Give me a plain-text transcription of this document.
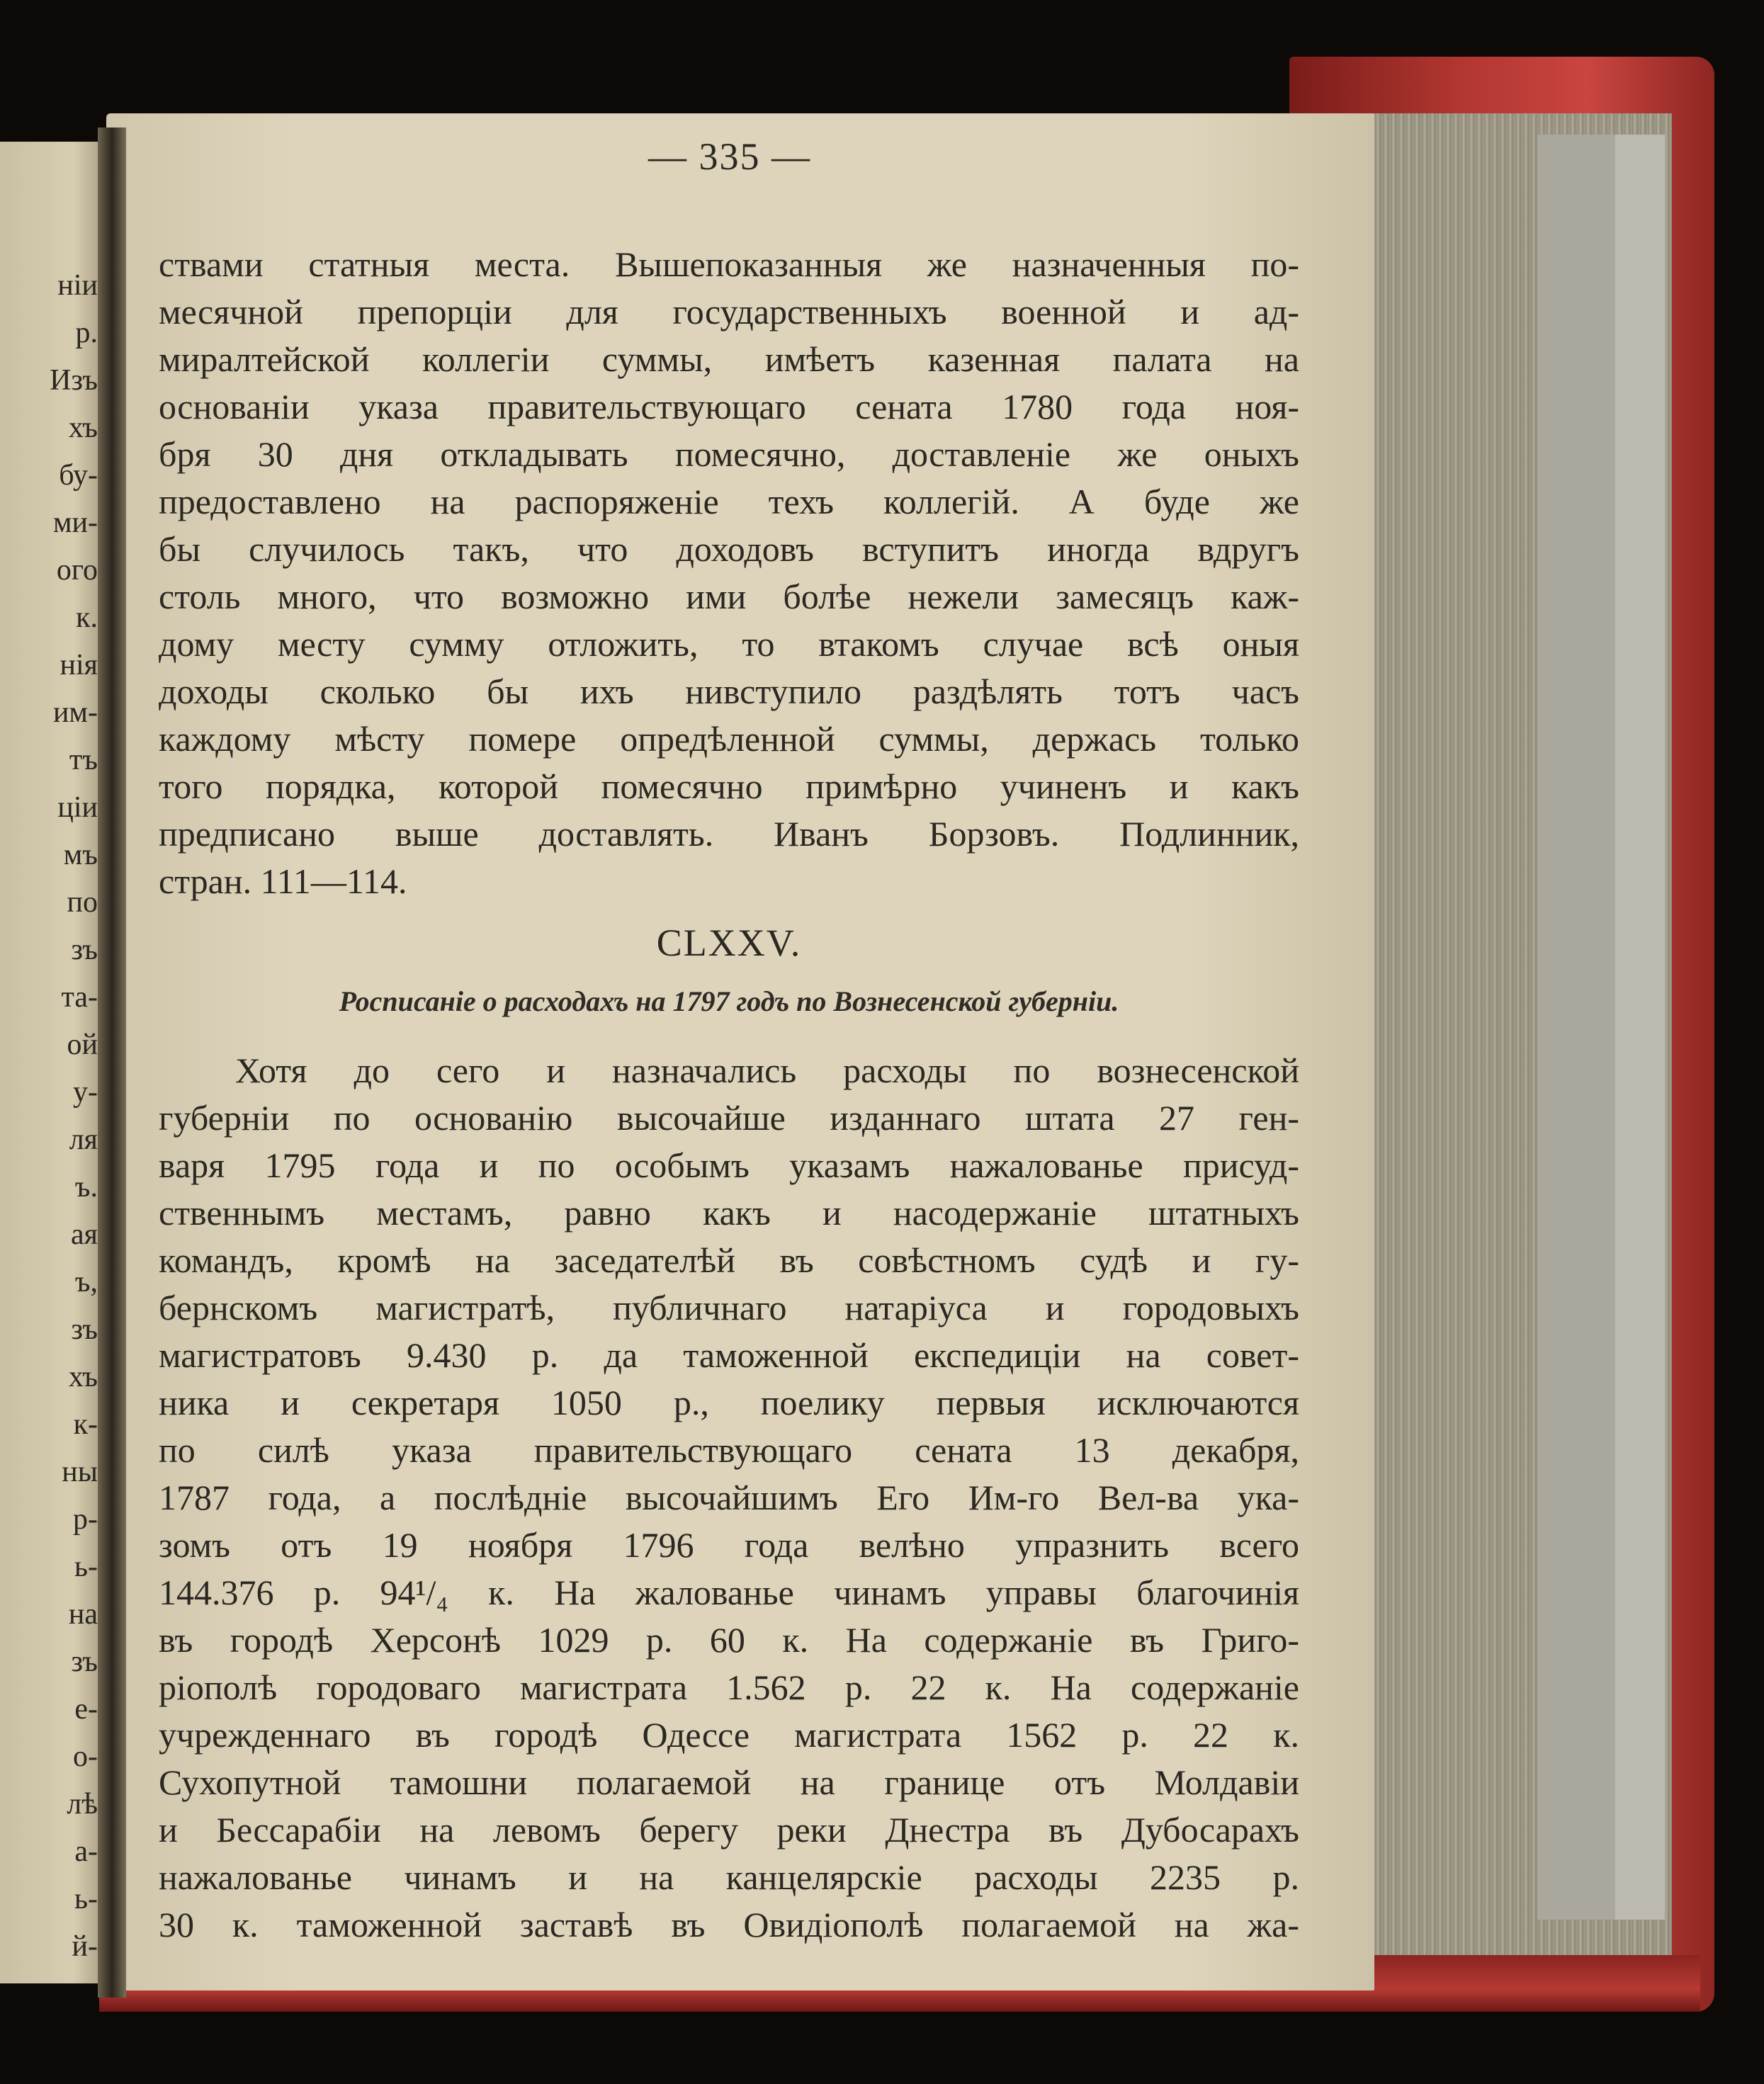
ніи
р.
Изъ
хъ
бу-
ми-
ого
к.
нія
им-
тъ
ціи
мъ
по
зъ
та-
ой
у-
ля
ъ.
ая
ъ,
зъ
хъ
к-
ны
р-
ь-
на
зъ
е-
о-
лѣ
а-
ь-
й-
— 335 —
ствами статныя места. Вышепоказанныя же назначенныя по-
месячной препорціи для государственныхъ военной и ад-
миралтейской коллегіи суммы, имѣетъ казенная палата на
основаніи указа правительствующаго сената 1780 года ноя-
бря 30 дня откладывать помесячно, доставленіе же оныхъ
предоставлено на распоряженіе техъ коллегій. А буде же
бы случилось такъ, что доходовъ вступитъ иногда вдругъ
столь много, что возможно ими болѣе нежели замесяцъ каж-
дому месту сумму отложить, то втакомъ случае всѣ оныя
доходы сколько бы ихъ нивступило раздѣлять тотъ часъ
каждому мѣсту помере опредѣленной суммы, держась только
того порядка, которой помесячно примѣрно учиненъ и какъ
предписано выше доставлять. Иванъ Борзовъ. Подлинник,
стран. 111—114.
CLXXV.
Росписаніе о расходахъ на 1797 годъ по Вознесенской губерніи.
Хотя до сего и назначались расходы по вознесенской
губерніи по основанію высочайше изданнаго штата 27 ген-
варя 1795 года и по особымъ указамъ нажалованье присуд-
ственнымъ местамъ, равно какъ и насодержаніе штатныхъ
командъ, кромѣ на заседателѣй въ совѣстномъ судѣ и гу-
бернскомъ магистратѣ, публичнаго натаріуса и городовыхъ
магистратовъ 9.430 р. да таможенной експедиціи на совет-
ника и секретаря 1050 р., поелику первыя исключаются
по силѣ указа правительствующаго сената 13 декабря,
1787 года, а послѣдніе высочайшимъ Его Им-го Вел-ва ука-
зомъ отъ 19 ноября 1796 года велѣно упразнить всего
144.376 р. 94¹/₄ к. На жалованье чинамъ управы благочинія
въ городѣ Херсонѣ 1029 р. 60 к. На содержаніе въ Григо-
ріополѣ городоваго магистрата 1.562 р. 22 к. На содержаніе
учрежденнаго въ городѣ Одессе магистрата 1562 р. 22 к.
Сухопутной тамошни полагаемой на границе отъ Молдавіи
и Бессарабіи на левомъ берегу реки Днестра въ Дубосарахъ
нажалованье чинамъ и на канцелярскіе расходы 2235 р.
30 к. таможенной заставѣ въ Овидіополѣ полагаемой на жа-
